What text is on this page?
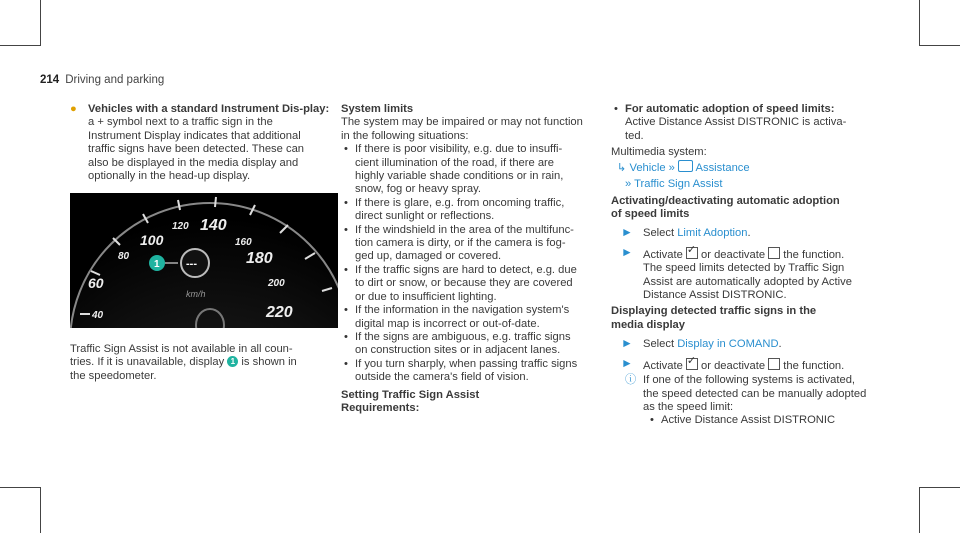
214 Driving and parking
● Vehicles with a standard Instrument Dis-play: a + symbol next to a traffic sign in the
Instrument Display indicates that additional
traffic signs have been detected. These can
also be displayed in the media display and
optionally in the head-up display.
40
60
80
100
120 140
160
180
200
220
km/h
---
1
Traffic Sign Assist is not available in all coun-
tries. If it is unavailable, display 1 is shown in
the speedometer.
System limits
The system may be impaired or may not function
in the following situations:
• If there is poor visibility, e.g. due to insuffi-
cient illumination of the road, if there are
highly variable shade conditions or in rain,
snow, fog or heavy spray.
• If there is glare, e.g. from oncoming traffic,
direct sunlight or reflections.
• If the windshield in the area of the multifunc-
tion camera is dirty, or if the camera is fog-
ged up, damaged or covered.
• If the traffic signs are hard to detect, e.g. due
to dirt or snow, or because they are covered
or due to insufficient lighting.
• If the information in the navigation system's
digital map is incorrect or out-of-date.
• If the signs are ambiguous, e.g. traffic signs
on construction sites or in adjacent lanes.
• If you turn sharply, when passing traffic signs
outside the camera's field of vision.
Setting Traffic Sign Assist
Requirements:
• For automatic adoption of speed limits:
Active Distance Assist DISTRONIC is activa-
ted.
Multimedia system:
↳ Vehicle » Assistance
» Traffic Sign Assist
Activating/deactivating automatic adoption
of speed limits
► Select Limit Adoption.
► Activate ✓ or deactivate  the function.
The speed limits detected by Traffic Sign
Assist are automatically adopted by Active
Distance Assist DISTRONIC.
Displaying detected traffic signs in the
media display
► Select Display in COMAND.
► Activate ✓ or deactivate  the function.
ⓘ If one of the following systems is activated,
the speed detected can be manually adopted
as the speed limit:
• Active Distance Assist DISTRONIC
